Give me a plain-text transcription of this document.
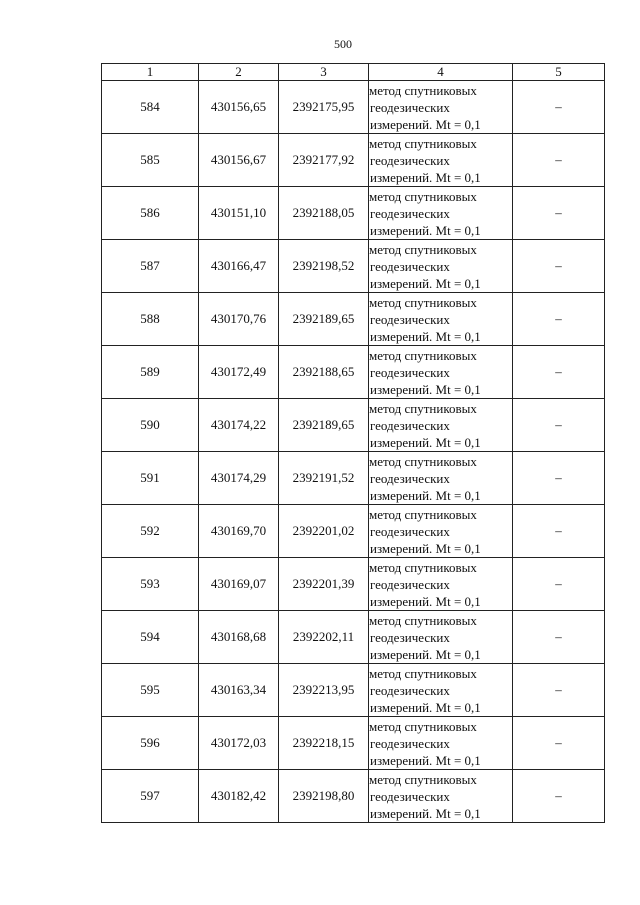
500
1	2	3	4	5
584	430156,65	2392175,95	метод спутниковых
геодезических
измерений. Mt = 0,1	–
585	430156,67	2392177,92	метод спутниковых
геодезических
измерений. Mt = 0,1	–
586	430151,10	2392188,05	метод спутниковых
геодезических
измерений. Mt = 0,1	–
587	430166,47	2392198,52	метод спутниковых
геодезических
измерений. Mt = 0,1	–
588	430170,76	2392189,65	метод спутниковых
геодезических
измерений. Mt = 0,1	–
589	430172,49	2392188,65	метод спутниковых
геодезических
измерений. Mt = 0,1	–
590	430174,22	2392189,65	метод спутниковых
геодезических
измерений. Mt = 0,1	–
591	430174,29	2392191,52	метод спутниковых
геодезических
измерений. Mt = 0,1	–
592	430169,70	2392201,02	метод спутниковых
геодезических
измерений. Mt = 0,1	–
593	430169,07	2392201,39	метод спутниковых
геодезических
измерений. Mt = 0,1	–
594	430168,68	2392202,11	метод спутниковых
геодезических
измерений. Mt = 0,1	–
595	430163,34	2392213,95	метод спутниковых
геодезических
измерений. Mt = 0,1	–
596	430172,03	2392218,15	метод спутниковых
геодезических
измерений. Mt = 0,1	–
597	430182,42	2392198,80	метод спутниковых
геодезических
измерений. Mt = 0,1	–
